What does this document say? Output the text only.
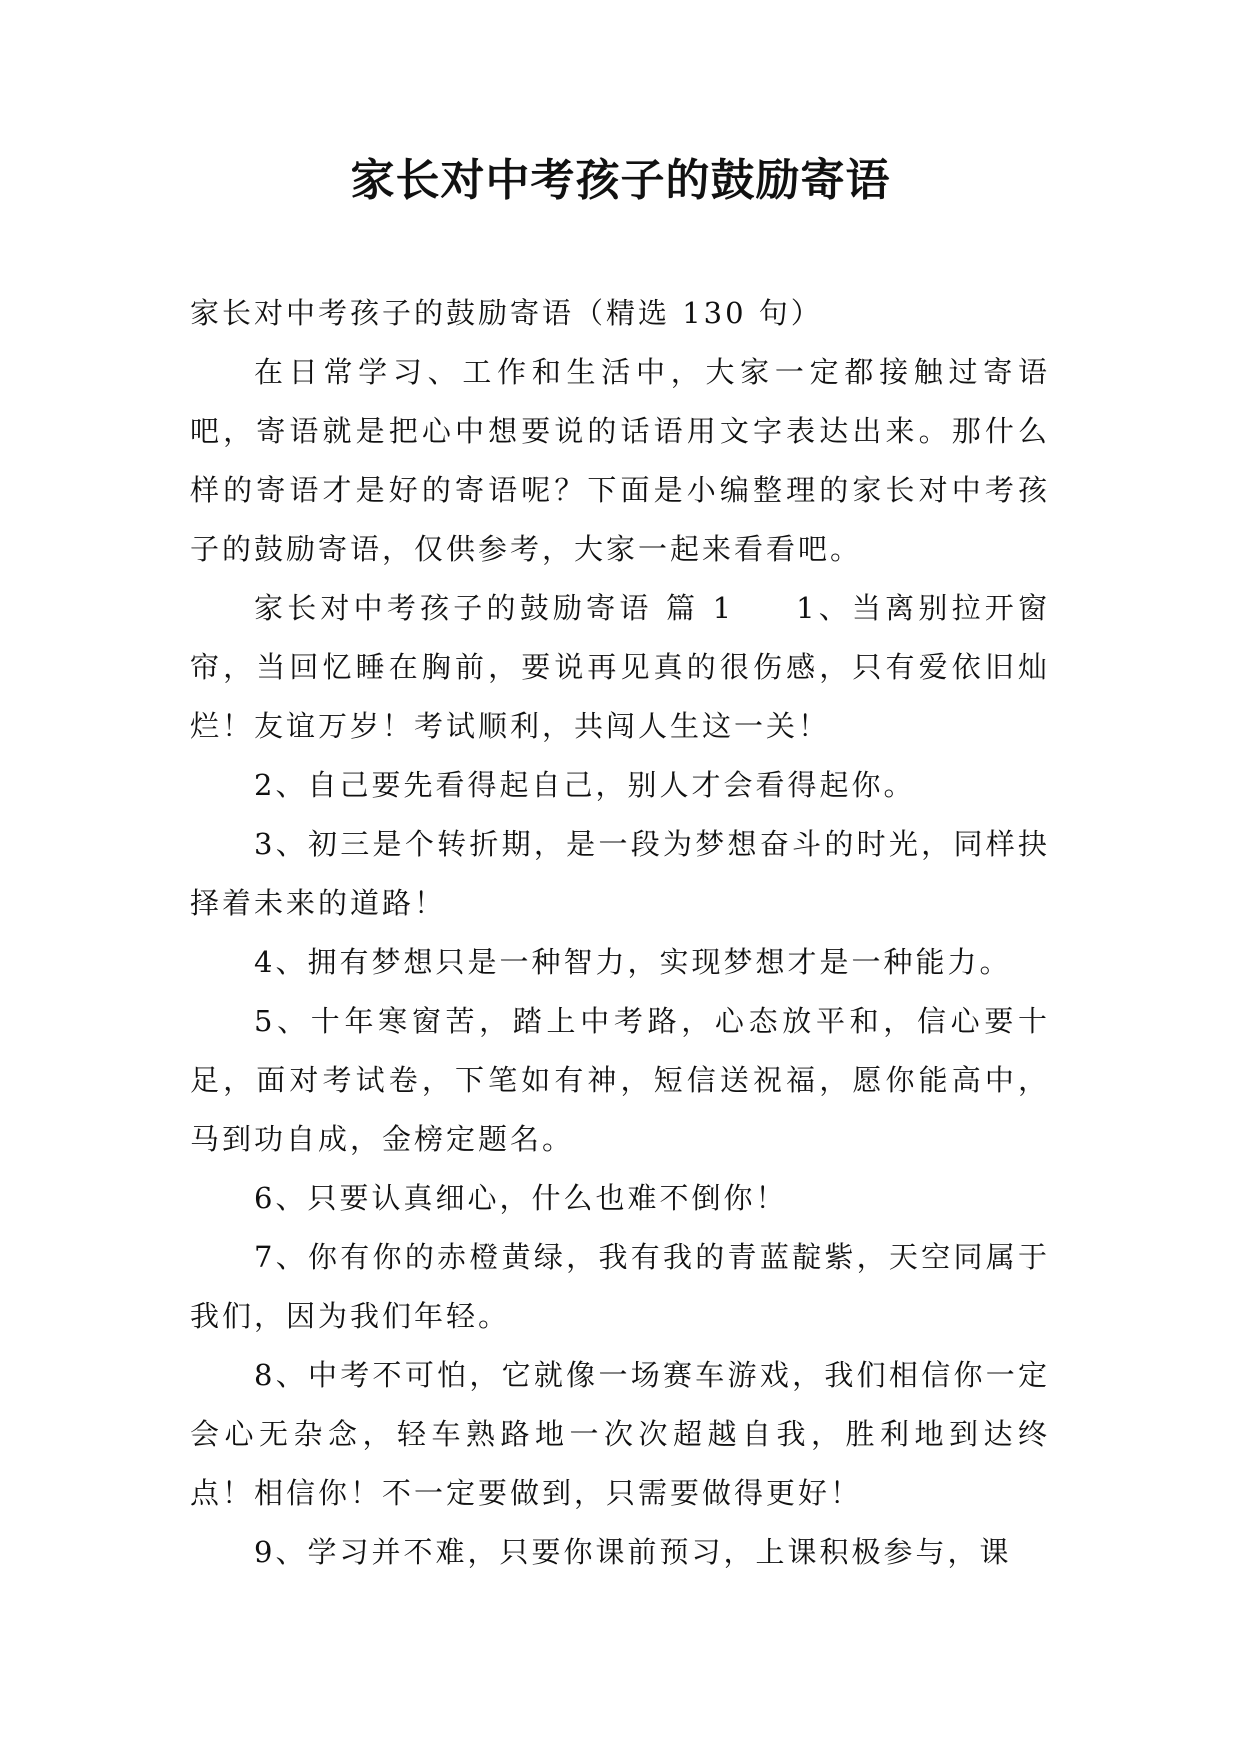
家长对中考孩子的鼓励寄语

家长对中考孩子的鼓励寄语（精选 130 句）

在日常学习、工作和生活中，大家一定都接触过寄语吧，寄语就是把心中想要说的话语用文字表达出来。那什么样的寄语才是好的寄语呢？下面是小编整理的家长对中考孩子的鼓励寄语，仅供参考，大家一起来看看吧。

家长对中考孩子的鼓励寄语 篇 1 1、当离别拉开窗帘，当回忆睡在胸前，要说再见真的很伤感，只有爱依旧灿烂！友谊万岁！考试顺利，共闯人生这一关！

2、自己要先看得起自己，别人才会看得起你。

3、初三是个转折期，是一段为梦想奋斗的时光，同样抉择着未来的道路！

4、拥有梦想只是一种智力，实现梦想才是一种能力。

5、十年寒窗苦，踏上中考路，心态放平和，信心要十足，面对考试卷，下笔如有神，短信送祝福，愿你能高中，马到功自成，金榜定题名。

6、只要认真细心，什么也难不倒你！

7、你有你的赤橙黄绿，我有我的青蓝靛紫，天空同属于我们，因为我们年轻。

8、中考不可怕，它就像一场赛车游戏，我们相信你一定会心无杂念，轻车熟路地一次次超越自我，胜利地到达终点！相信你！不一定要做到，只需要做得更好！

9、学习并不难，只要你课前预习，上课积极参与，课
